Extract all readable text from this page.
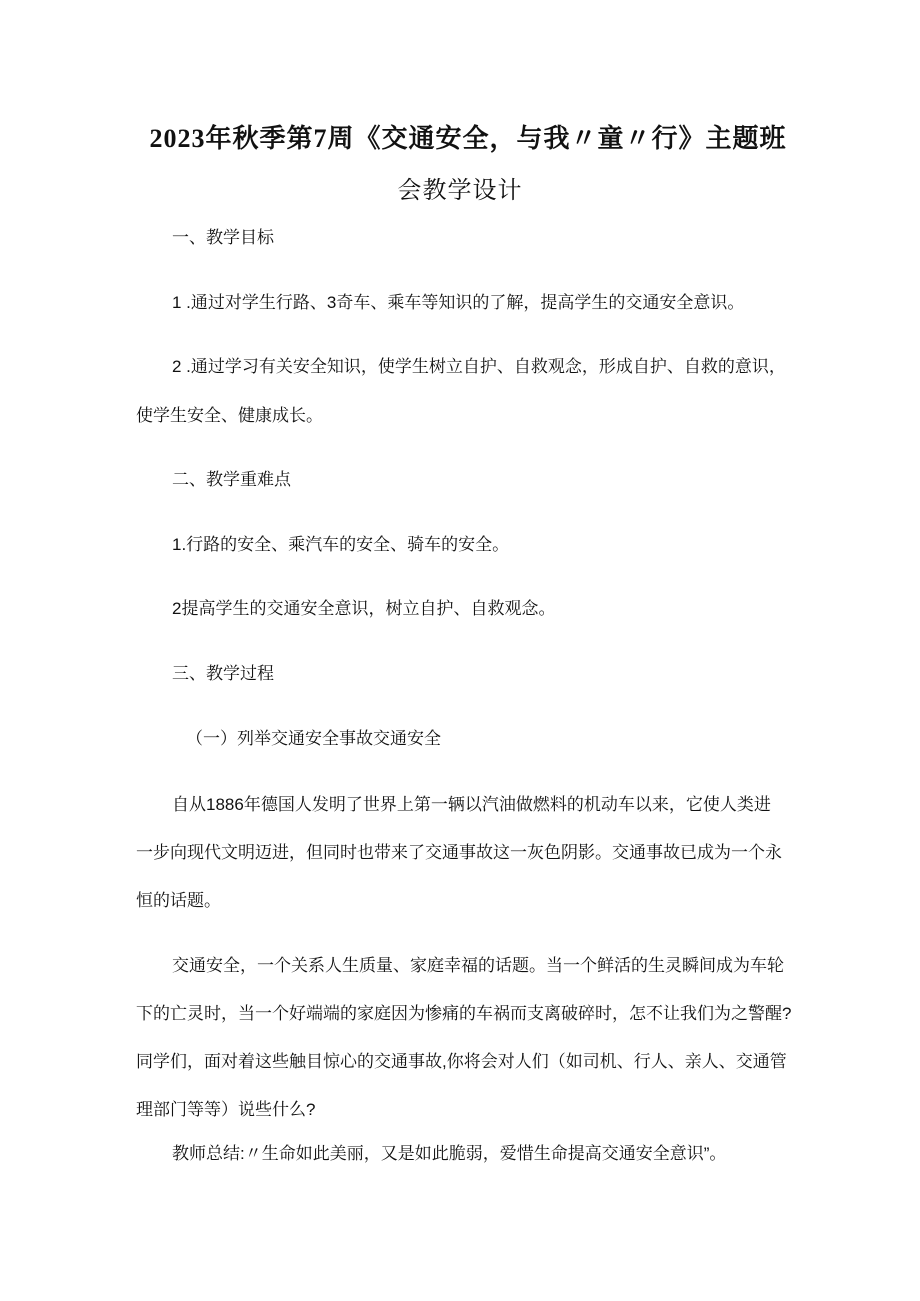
2023年秋季第7周《交通安全，与我〃童〃行》主题班
会教学设计
一、教学目标
1 .通过对学生行路、3奇车、乘车等知识的了解，提高学生的交通安全意识。
2 .通过学习有关安全知识，使学生树立自护、自救观念，形成自护、自救的意识，
使学生安全、健康成长。
二、教学重难点
1.行路的安全、乘汽车的安全、骑车的安全。
2提高学生的交通安全意识，树立自护、自救观念。
三、教学过程
（一）列举交通安全事故交通安全
自从1886年德国人发明了世界上第一辆以汽油做燃料的机动车以来，它使人类进
一步向现代文明迈进，但同时也带来了交通事故这一灰色阴影。交通事故已成为一个永
恒的话题。
交通安全，一个关系人生质量、家庭幸福的话题。当一个鲜活的生灵瞬间成为车轮
下的亡灵时，当一个好端端的家庭因为惨痛的车祸而支离破碎时，怎不让我们为之警醒?
同学们，面对着这些触目惊心的交通事故,你将会对人们（如司机、行人、亲人、交通管
理部门等等）说些什么?
教师总结:〃生命如此美丽，又是如此脆弱，爱惜生命提高交通安全意识”。
